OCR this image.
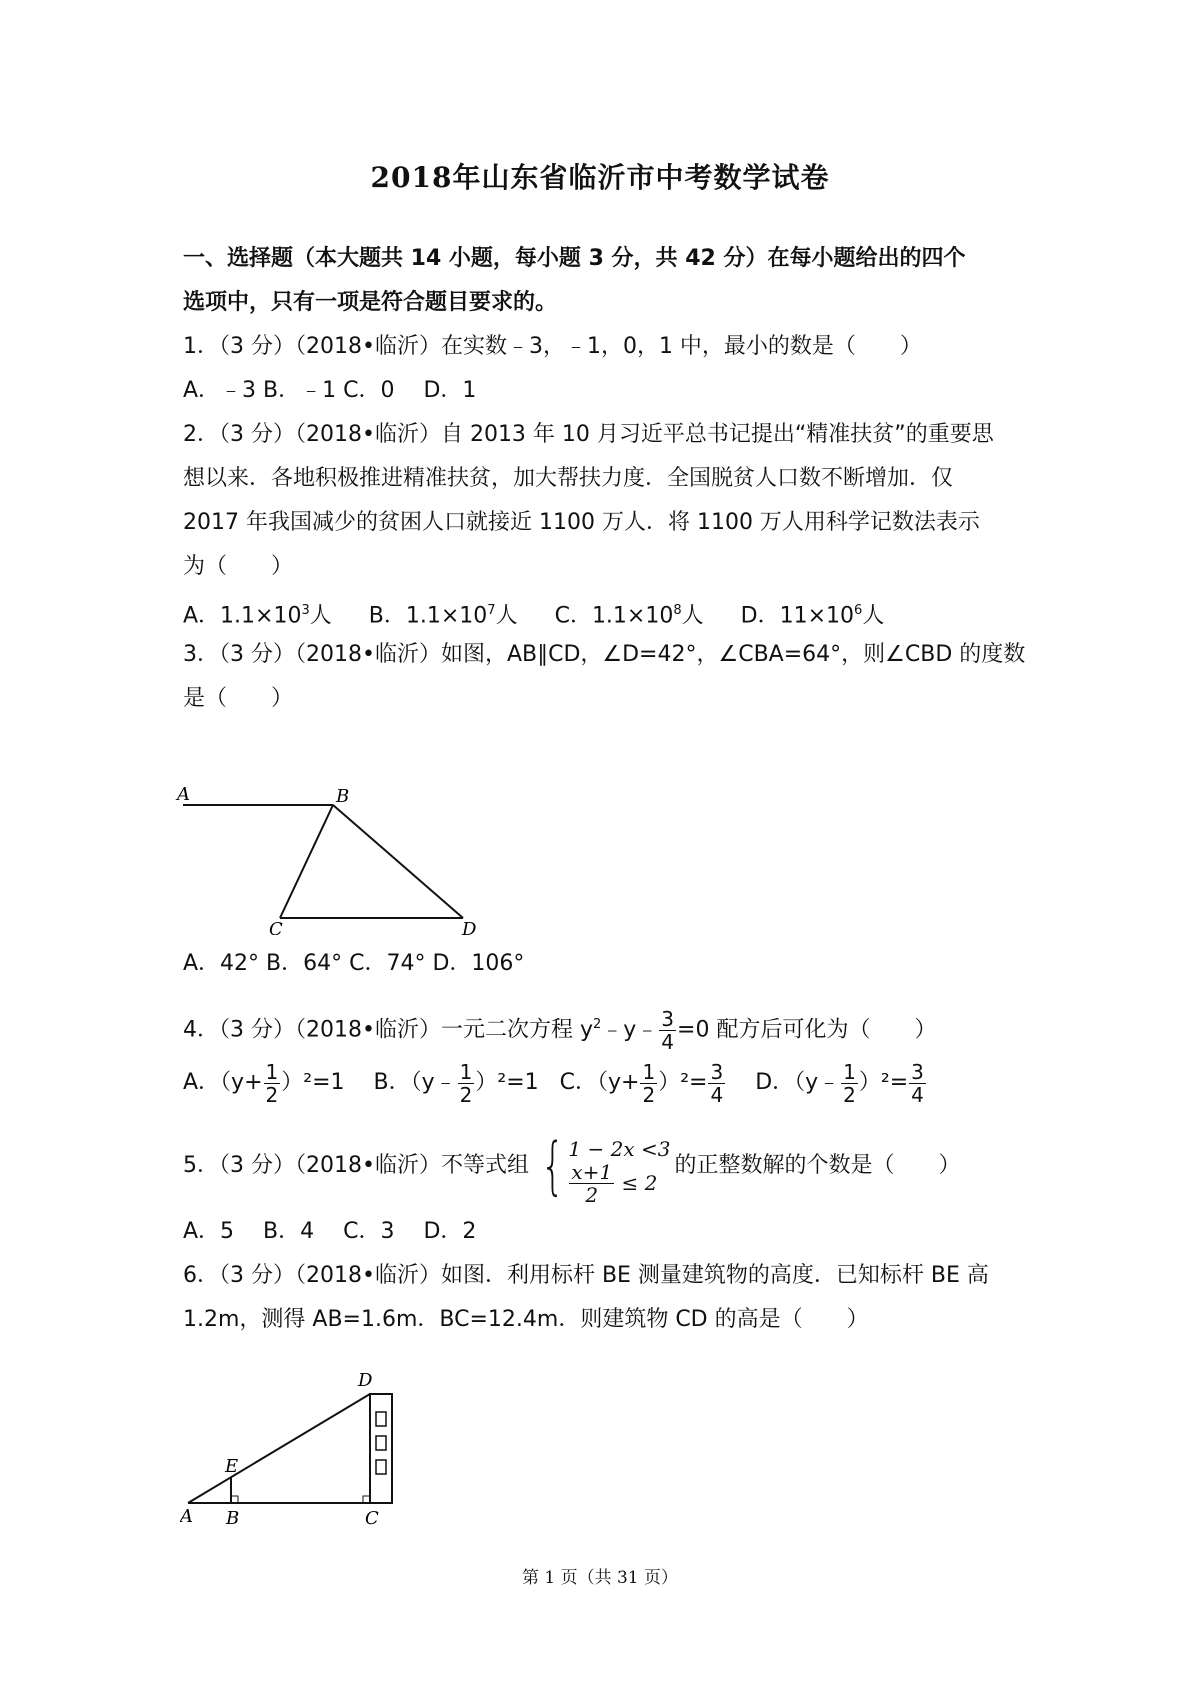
2018年山东省临沂市中考数学试卷
一、选择题（本大题共 14 小题，每小题 3 分，共 42 分）在每小题给出的四个
选项中，只有一项是符合题目要求的。
1．（3 分）（2018•临沂）在实数﹣3，﹣1，0，1 中，最小的数是（　　）
A．﹣3 B．﹣1 C．0　 D．1
2．（3 分）（2018•临沂）自 2013 年 10 月习近平总书记提出“精准扶贫”的重要思
想以来．各地积极推进精准扶贫，加大帮扶力度．全国脱贫人口数不断增加．仅
2017 年我国减少的贫困人口就接近 1100 万人．将 1100 万人用科学记数法表示
为（　　）
A．$1.1\times 10^3$人 B．$1.1\times 10^7$人 C．$1.1\times 10^8$人 D．$11\times 10^6$人
3．（3 分）（2018•临沂）如图，AB∥CD，∠D=42°，∠CBA=64°，则∠CBD 的度数
是（　　）
A	B
C	D
A．42° B．64° C．74° D．106°
4．（3 分）（2018•临沂）一元二次方程 $y^2﹣y﹣ \frac{3}{4} =0$ 配方后可化为（　　）
A．$(y+ \frac{1}{2} )^2=1$ B．（y﹣ $\frac{1}{2} )^2=1$ C．$(y+ \frac{1}{2} )^2= \frac{3}{4}$ D．（y﹣ $\frac{1}{2} )^2= \frac{3}{4}$
5．（3 分）（2018•临沂）不等式组 { 1 − 2x <3
$\frac{x+1}{2}$
≤ 2
的正整数解的个数是（　　）
A．5　 B．4　 C．3　 D．2
6．（3 分）（2018•临沂）如图．利用标杆 BE 测量建筑物的高度．已知标杆 BE 高
1.2m，测得 AB=1.6m．BC=12.4m．则建筑物 CD 的高是（　　）
A B	C
D
E
第 1 页（共 31 页）
